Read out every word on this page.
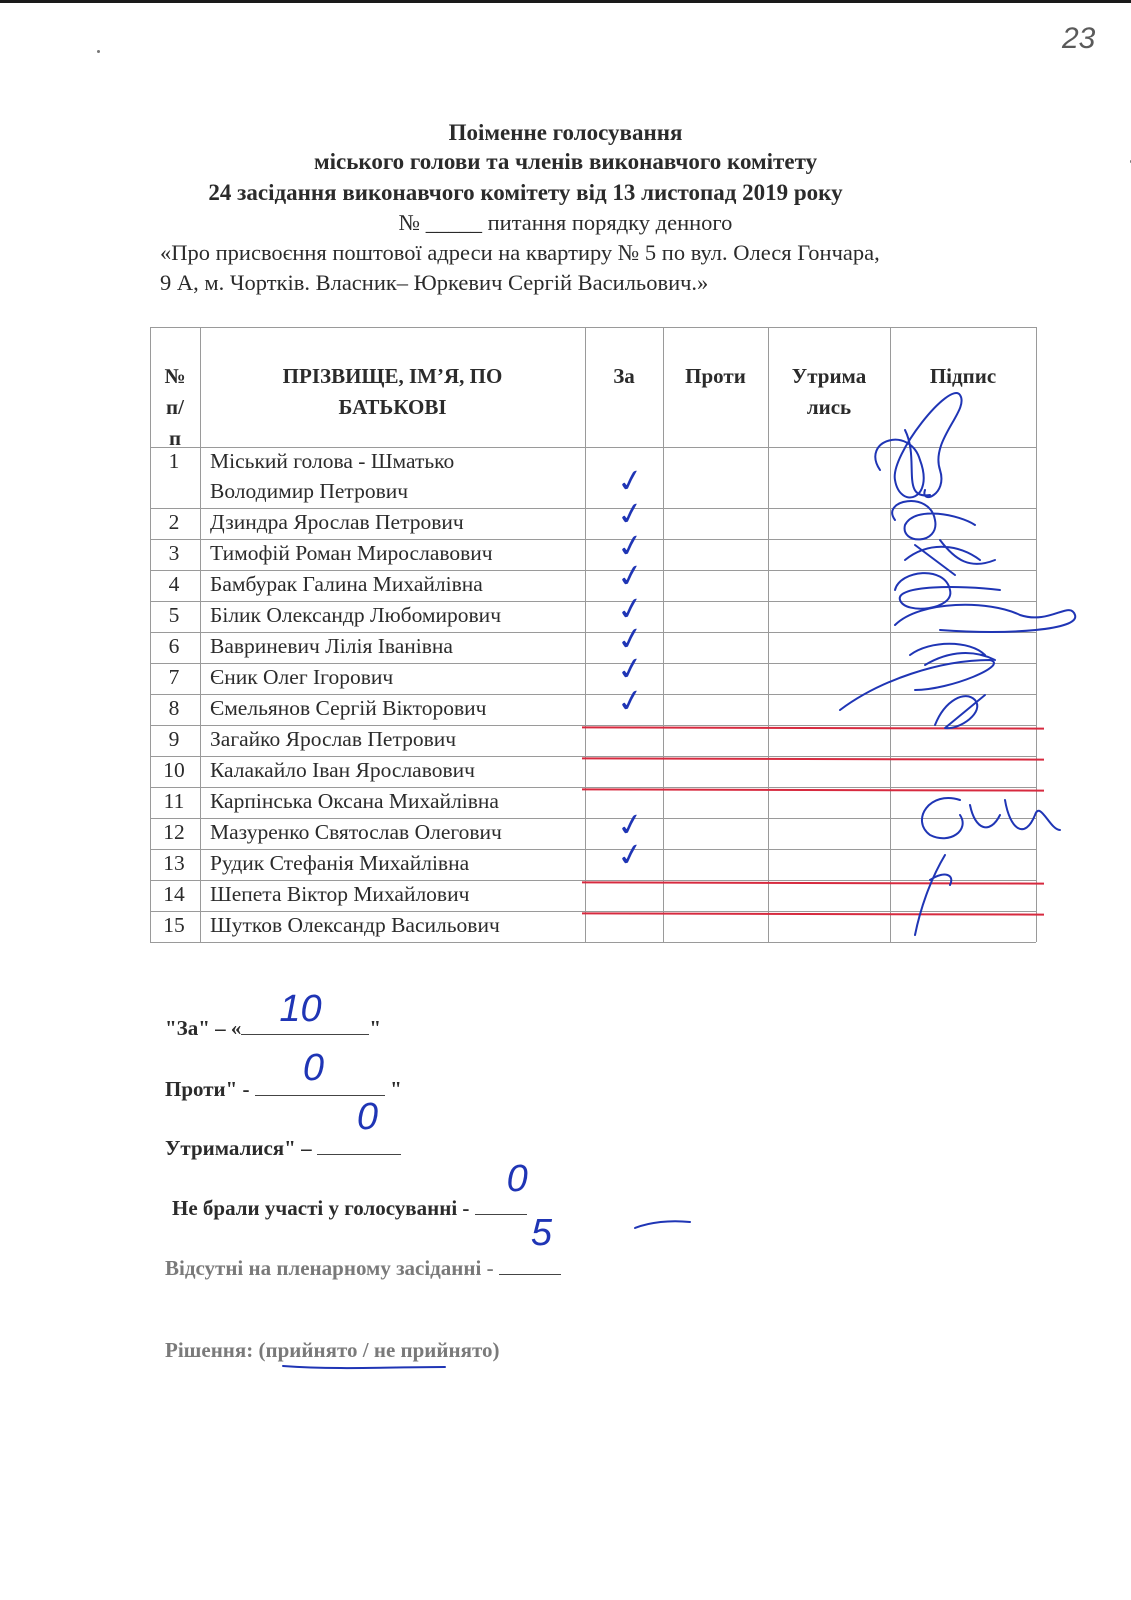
23
Поіменне голосування
міського голови та членів виконавчого комітету
24 засідання виконавчого комітету від 13 листопад 2019 року
№ _____ питання порядку денного
«Про присвоєння поштової адреси на квартиру № 5 по вул. Олеся Гончара,
9 А, м. Чортків. Власник– Юркевич Сергій Васильович.»
№
п/
п
ПРІЗВИЩЕ, ІМ’Я, ПО
БАТЬКОВІ
За	Проти	Утрима
лись
Підпис
1	Міський голова - Шматько
Володимир Петрович	✓
2	Дзиндра Ярослав Петрович	✓
3	Тимофій Роман Мирославович	✓
4	Бамбурак Галина Михайлівна	✓
5	Білик Олександр Любомирович	✓
6	Вавриневич Лілія Іванівна	✓
7	Єник Олег Ігорович	✓
8	Ємельянов Сергій Вікторович	✓
9	Загайко Ярослав Петрович
10	Калакайло Іван Ярославович
11	Карпінська Оксана Михайлівна
12	Мазуренко Святослав Олегович	✓
13	Рудик Стефанія Михайлівна	✓
14	Шепета Віктор Михайлович
15	Шутков Олександр Васильович
"За" – « 10 "
Проти" - 0	"
Утрималися" –
0
Не брали участі у голосуванні -
0
Відсутні на пленарному засіданні -
5
Рішення: (прийнято / не прийнято)
